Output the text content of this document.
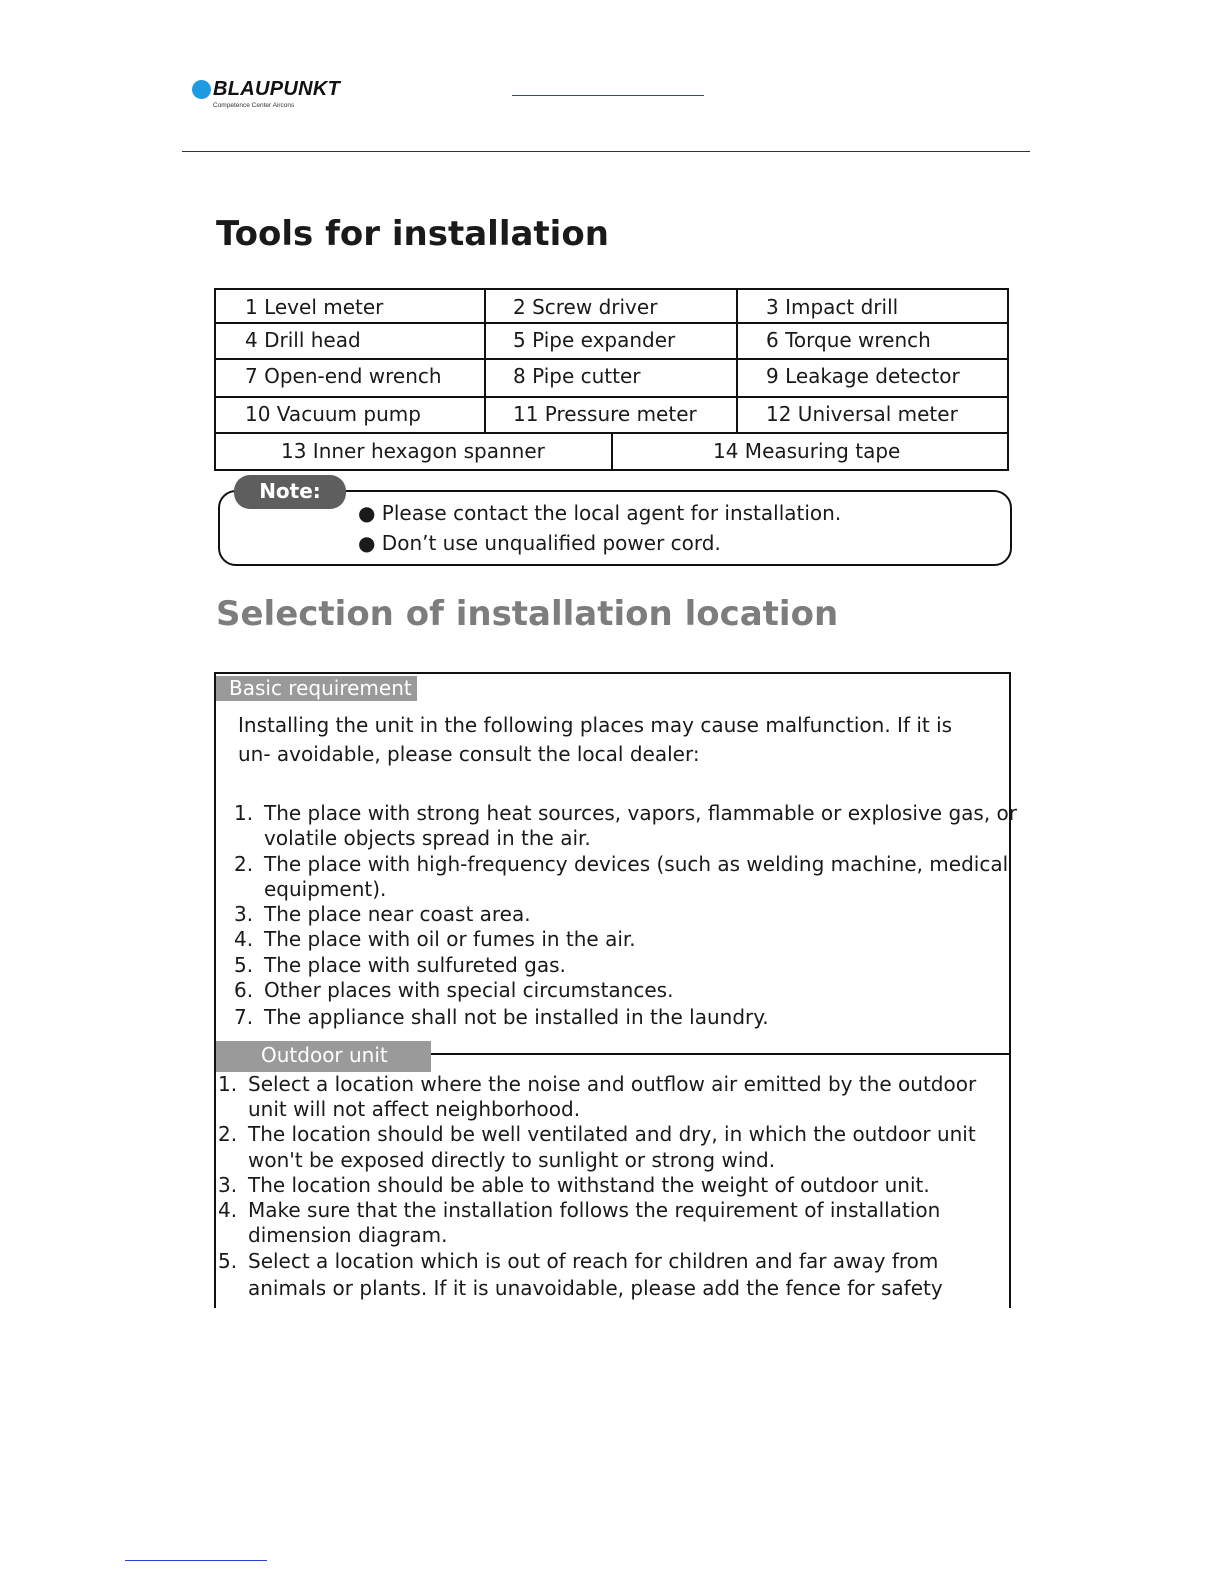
BLAUPUNKT
Competence Center Aircons
Tools for installation
1 Level meter	2 Screw driver	3 Impact drill
4 Drill head	5 Pipe expander	6 Torque wrench
7 Open-end wrench	8 Pipe cutter	9 Leakage detector
10 Vacuum pump	11 Pressure meter	12 Universal meter
13 Inner hexagon spanner	14 Measuring tape
Note:
● Please contact the local agent for installation.
● Don’t use unqualified power cord.
Selection of installation location
Basic requirement
Installing the unit in the following places may cause malfunction. If it is
un- avoidable, please consult the local dealer:
1. The place with strong heat sources, vapors, flammable or explosive gas, or
volatile objects spread in the air.
2. The place with high-frequency devices (such as welding machine, medical
equipment).
3. The place near coast area.
4. The place with oil or fumes in the air.
5. The place with sulfureted gas.
6. Other places with special circumstances.
7. The appliance shall not be installed in the laundry.
Outdoor unit
1. Select a location where the noise and outflow air emitted by the outdoor
unit will not affect neighborhood.
2. The location should be well ventilated and dry, in which the outdoor unit
won't be exposed directly to sunlight or strong wind.
3. The location should be able to withstand the weight of outdoor unit.
4. Make sure that the installation follows the requirement of installation
dimension diagram.
5. Select a location which is out of reach for children and far away from
animals or plants. If it is unavoidable, please add the fence for safety
